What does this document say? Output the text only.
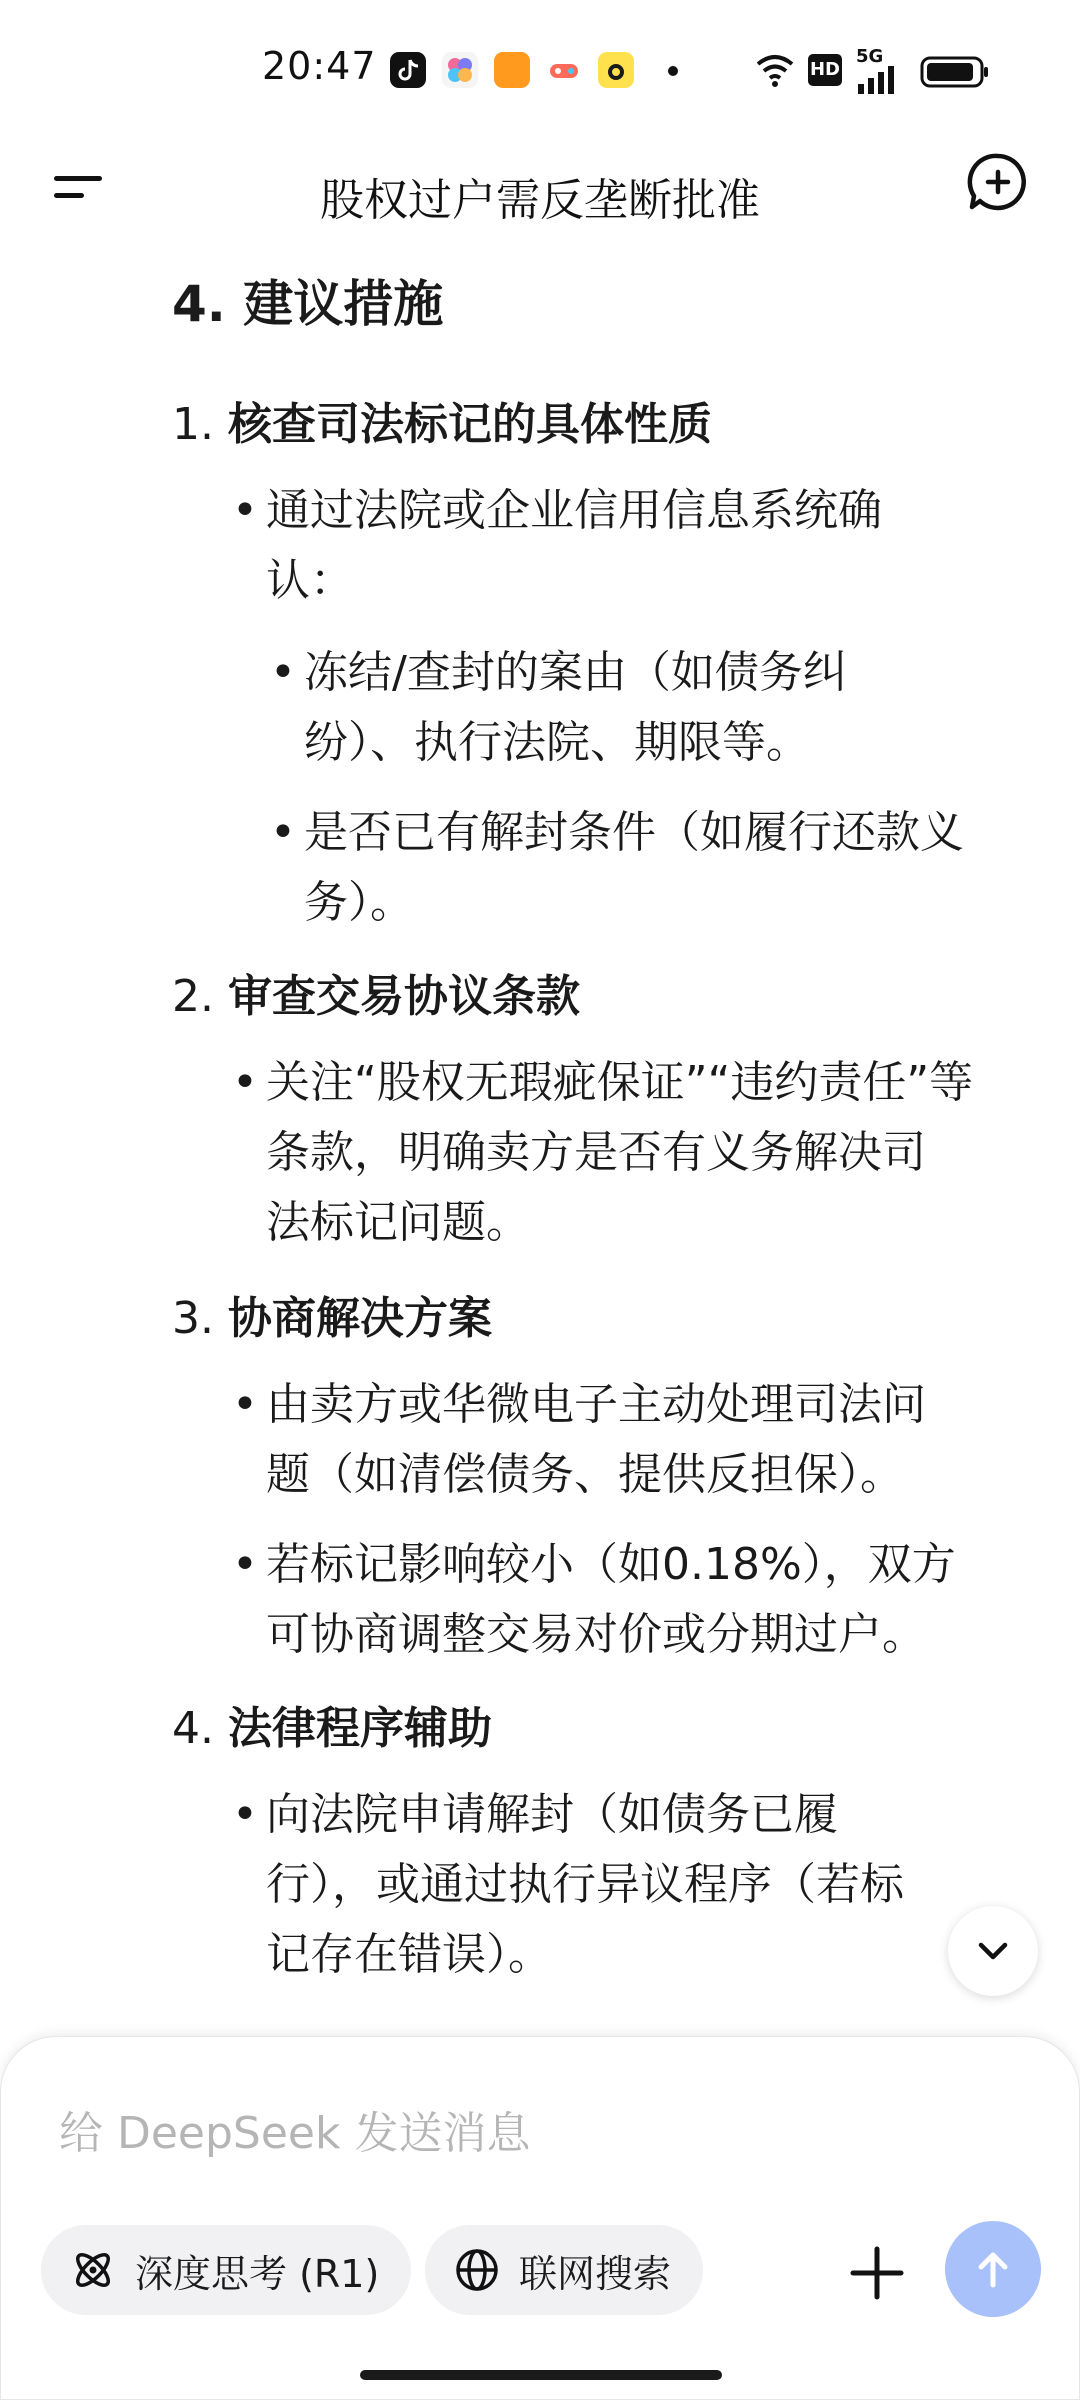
20:47	HD
5G
股权过户需反垄断批准
4. 建议措施
1. 核查司法标记的具体性质
• 通过法院或企业信用信息系统确
认：
• 冻结/查封的案由（如债务纠
纷）、执行法院、期限等。
• 是否已有解封条件（如履行还款义
务）。
2. 审查交易协议条款
• 关注“股权无瑕疵保证”“违约责任”等
条款，明确卖方是否有义务解决司
法标记问题。
3. 协商解决方案
• 由卖方或华微电子主动处理司法问
题（如清偿债务、提供反担保）。
• 若标记影响较小（如0.18%），双方
可协商调整交易对价或分期过户。
4. 法律程序辅助
• 向法院申请解封（如债务已履
行），或通过执行异议程序（若标
记存在错误）。
给 DeepSeek 发送消息
深度思考 (R1)	联网搜索
